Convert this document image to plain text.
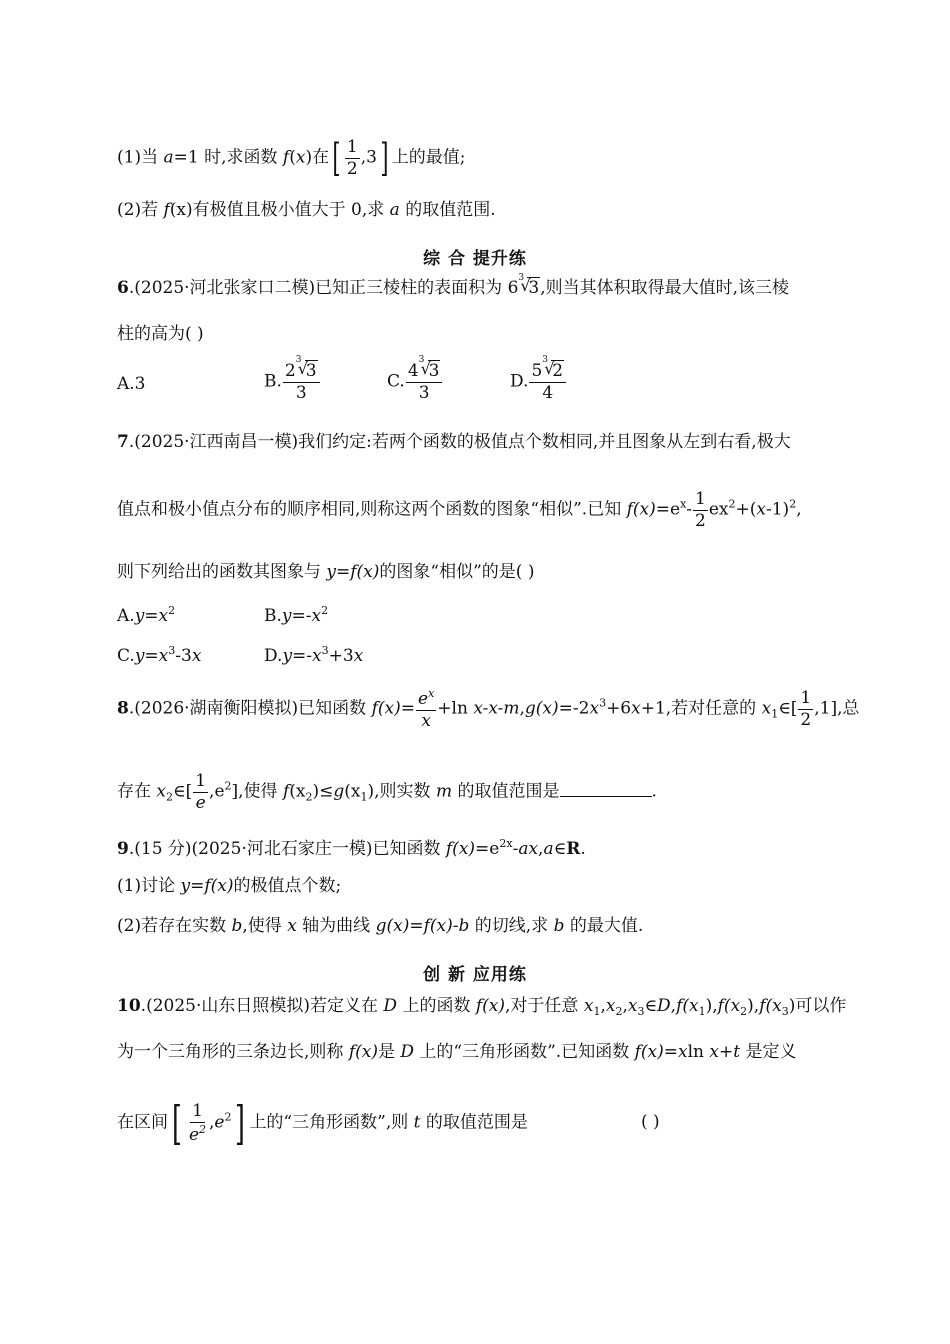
(1)当 a=1 时,求函数 f(x)在[ $\frac{1}{2} ,3$] 上的最值;
(2)若 f(x)有极值且极小值大于 0,求 a 的取值范围.
综 合 提升练
6.(2025·河北张家口二模)已知正三棱柱的表面积为 6
√ 3 3,则当其体积取得最大值时,该三棱
柱的高为( )
A.3	B. 2
√ 3
3
3	C. 4
√ 3
3
3	D. 5
√ 3
2
4
7.(2025·江西南昌一模)我们约定:若两个函数的极值点个数相同,并且图象从左到右看,极大
值点和极小值点分布的顺序相同,则称这两个函数的图象“相似”.已知 $f(x)=e^x- \frac{1}{2} ex^2+(x-1)^2$,
则下列给出的函数其图象与 y=f(x)的图象“相似”的是( )
$A.y=x^2$	$B.y=-x^2$
$C.y=x^3-3x$	$D.y=-x^3+3x$
8.(2026·湖南衡阳模拟)已知函数 $f(x)= \frac{e^x}{x} +\ln$ $x-x-m,g(x)=-2x^3+6x+1$,若对任意的 $x_1\in[ \frac{1}{2} ,1]$,总
存在 $x_2\in[ \frac{1}{e} ,e^2]$,使得 $f(x_2)\le g(x_1)$,则实数 m 的取值范围是	.
9.(15 分)(2025·河北石家庄一模)已知函数 $f(x)=e^{2x}-ax,a\in R$.
(1)讨论 y=f(x)的极值点个数;
(2)若存在实数 b,使得 x 轴为曲线 g(x)=f(x)-b 的切线,求 b 的最大值.
创 新 应用练
10.(2025·山东日照模拟)若定义在 D 上的函数 f(x),对于任意 $x_1,x_2,x_3\in D,f(x_1),f(x_2),f(x_3)$可以作
为一个三角形的三条边长,则称 f(x)是 D 上的“三角形函数”.已知函数 f(x)=xln x+t 是定义
在区间[ $\frac{1}{e^2} ,e^2$] 上的“三角形函数”,则 t 的取值范围是	( )
